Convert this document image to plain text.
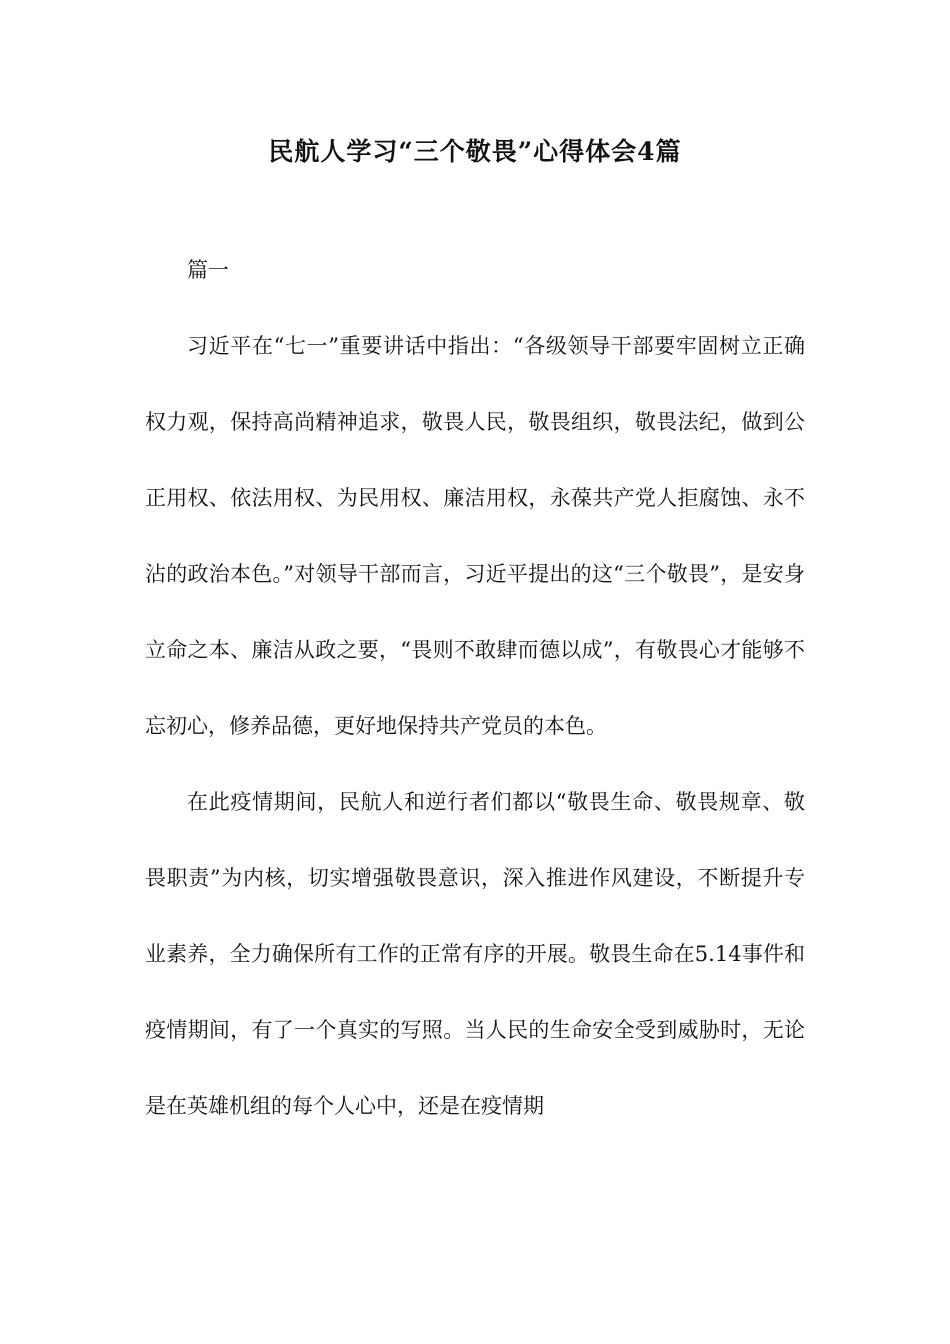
民航人学习“三个敬畏”心得体会4篇

篇一

习近平在“七一”重要讲话中指出：“各级领导干部要牢固树立正确权力观，保持高尚精神追求，敬畏人民，敬畏组织，敬畏法纪，做到公正用权、依法用权、为民用权、廉洁用权，永葆共产党人拒腐蚀、永不沾的政治本色。”对领导干部而言，习近平提出的这“三个敬畏”，是安身立命之本、廉洁从政之要，“畏则不敢肆而德以成”，有敬畏心才能够不忘初心，修养品德，更好地保持共产党员的本色。

在此疫情期间，民航人和逆行者们都以“敬畏生命、敬畏规章、敬畏职责”为内核，切实增强敬畏意识，深入推进作风建设，不断提升专业素养，全力确保所有工作的正常有序的开展。敬畏生命在5.14事件和疫情期间，有了一个真实的写照。当人民的生命安全受到威胁时，无论是在英雄机组的每个人心中，还是在疫情期
